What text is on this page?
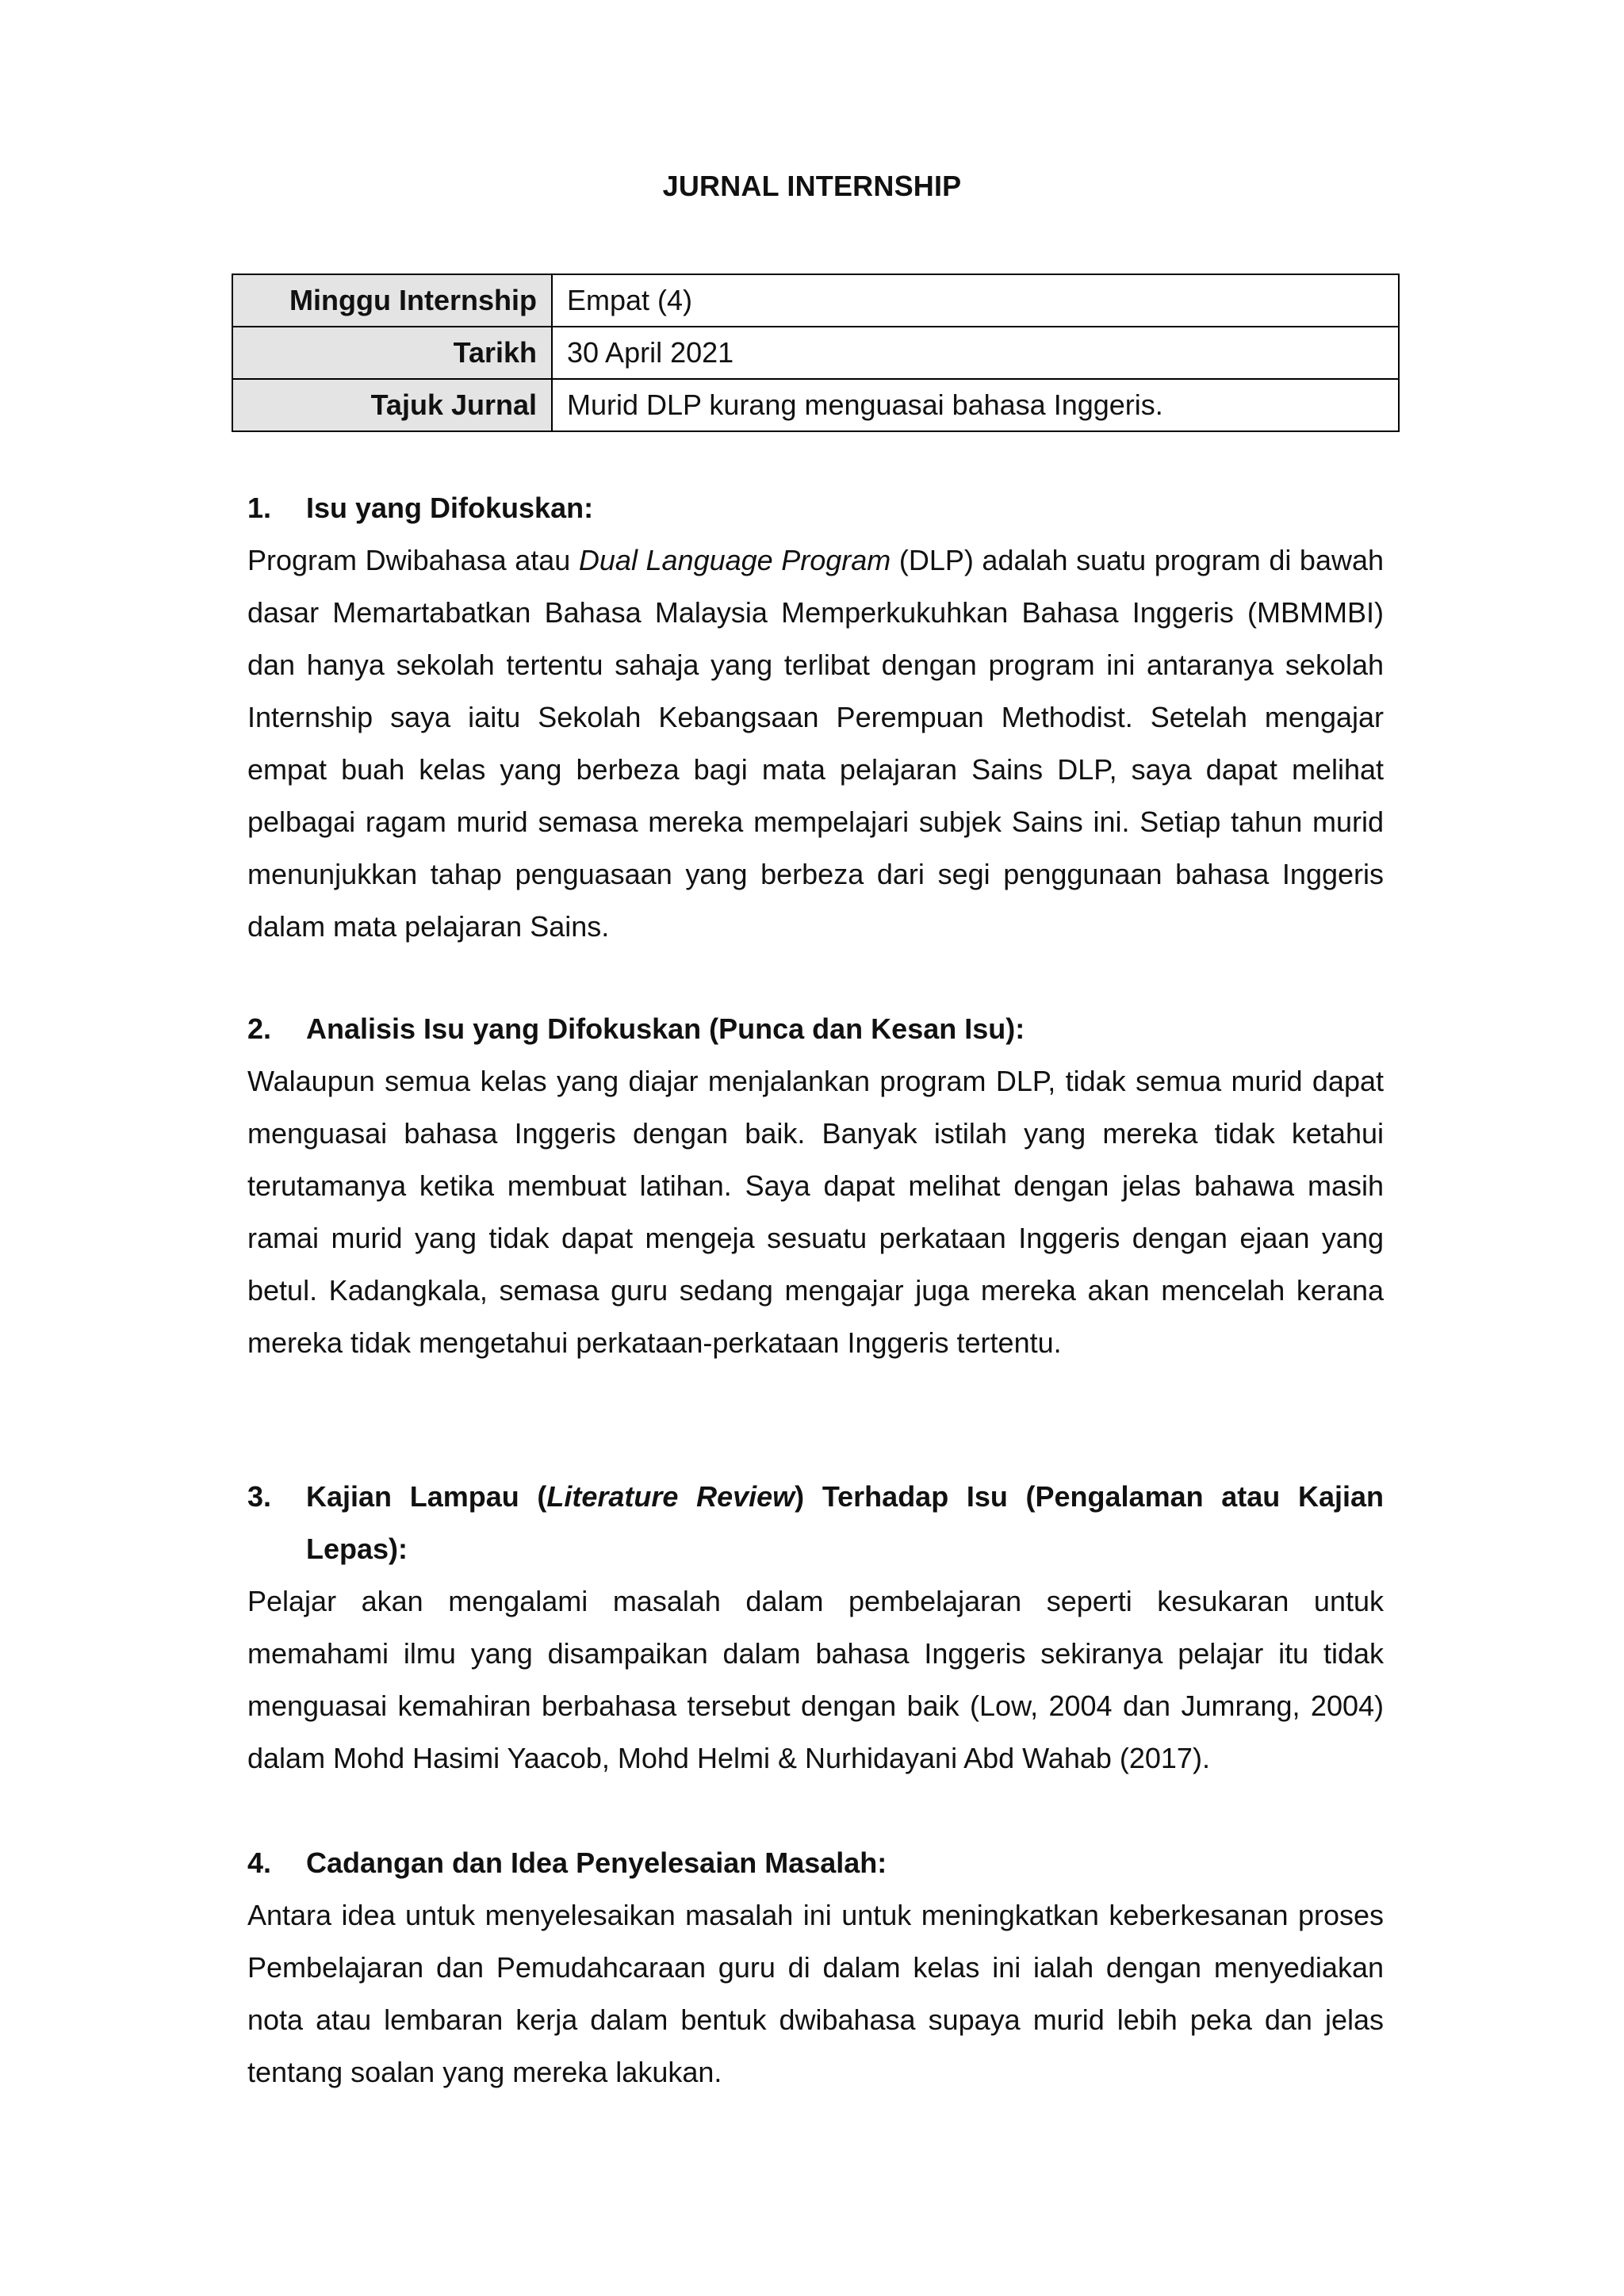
JURNAL INTERNSHIP
Minggu Internship	Empat (4)
Tarikh	30 April 2021
Tajuk Jurnal	Murid DLP kurang menguasai bahasa Inggeris.
1.	Isu yang Difokuskan:

Program Dwibahasa atau Dual Language Program (DLP) adalah suatu program di bawah dasar Memartabatkan Bahasa Malaysia Memperkukuhkan Bahasa Inggeris (MBMMBI) dan hanya sekolah tertentu sahaja yang terlibat dengan program ini antaranya sekolah Internship saya iaitu Sekolah Kebangsaan Perempuan Methodist. Setelah mengajar empat buah kelas yang berbeza bagi mata pelajaran Sains DLP, saya dapat melihat pelbagai ragam murid semasa mereka mempelajari subjek Sains ini. Setiap tahun murid menunjukkan tahap penguasaan yang berbeza dari segi penggunaan bahasa Inggeris dalam mata pelajaran Sains.

2.	Analisis Isu yang Difokuskan (Punca dan Kesan Isu):

Walaupun semua kelas yang diajar menjalankan program DLP, tidak semua murid dapat menguasai bahasa Inggeris dengan baik. Banyak istilah yang mereka tidak ketahui terutamanya ketika membuat latihan. Saya dapat melihat dengan jelas bahawa masih ramai murid yang tidak dapat mengeja sesuatu perkataan Inggeris dengan ejaan yang betul. Kadangkala, semasa guru sedang mengajar juga mereka akan mencelah kerana mereka tidak mengetahui perkataan-perkataan Inggeris tertentu.

3.	Kajian Lampau (Literature Review) Terhadap Isu (Pengalaman atau Kajian Lepas):

Pelajar akan mengalami masalah dalam pembelajaran seperti kesukaran untuk memahami ilmu yang disampaikan dalam bahasa Inggeris sekiranya pelajar itu tidak menguasai kemahiran berbahasa tersebut dengan baik (Low, 2004 dan Jumrang, 2004) dalam Mohd Hasimi Yaacob, Mohd Helmi & Nurhidayani Abd Wahab (2017).

4.	Cadangan dan Idea Penyelesaian Masalah:

Antara idea untuk menyelesaikan masalah ini untuk meningkatkan keberkesanan proses Pembelajaran dan Pemudahcaraan guru di dalam kelas ini ialah dengan menyediakan nota atau lembaran kerja dalam bentuk dwibahasa supaya murid lebih peka dan jelas tentang soalan yang mereka lakukan.
